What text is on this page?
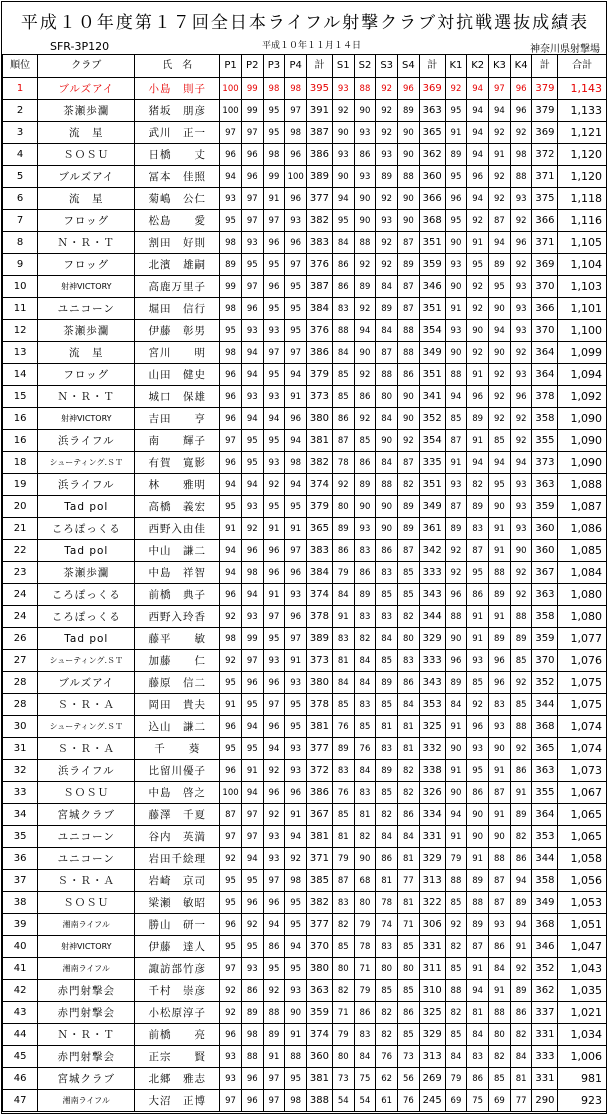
平成１０年度第１７回全日本ライフル射撃クラブ対抗戦選抜成績表
SFR-3P120	平成１０年１１月１４日	神奈川県射撃場
順位	クラブ	氏　名	P1	P2	P3	P4	計	S1	S2	S3	S4	計	K1	K2	K3	K4	計	合計
1	ブルズアイ	小島　則子	100	99	98	98	395	93	88	92	96	369	92	94	97	96	379	1,143
2	茶瀬歩瀾	猪坂　朋彦	100	99	95	97	391	92	90	92	89	363	95	94	94	96	379	1,133
3	流　星	武川　正一	97	97	95	98	387	90	93	92	90	365	91	94	92	92	369	1,121
4	ＳＯＳＵ	日橋　　丈	96	96	98	96	386	93	86	93	90	362	89	94	91	98	372	1,120
5	ブルズアイ	冨本　佳照	94	96	99	100	389	90	93	89	88	360	95	96	92	88	371	1,120
6	流　星	菊嶋　公仁	93	97	91	96	377	94	90	92	90	366	96	94	92	93	375	1,118
7	フロッグ	松島　　愛	95	97	97	93	382	95	90	93	90	368	95	92	87	92	366	1,116
8	Ｎ・Ｒ・Ｔ	割田　好則	98	93	96	96	383	84	88	92	87	351	90	91	94	96	371	1,105
9	フロッグ	北濱　雄嗣	89	95	95	97	376	86	92	92	89	359	93	95	89	92	369	1,104
10	射神VICTORY	高鹿万里子	99	97	96	95	387	86	89	84	87	346	90	92	95	93	370	1,103
11	ユニコーン	堀田　信行	98	96	95	95	384	83	92	89	87	351	91	92	90	93	366	1,101
12	茶瀬歩瀾	伊藤　彰男	95	93	93	95	376	88	94	84	88	354	93	90	94	93	370	1,100
13	流　星	宮川　　明	98	94	97	97	386	84	90	87	88	349	90	92	90	92	364	1,099
14	フロッグ	山田　健史	96	94	95	94	379	85	92	88	86	351	88	91	92	93	364	1,094
15	Ｎ・Ｒ・Ｔ	城口　保雄	96	93	93	91	373	85	86	80	90	341	94	96	92	96	378	1,092
16	射神VICTORY	吉田　　亨	96	94	94	96	380	86	92	84	90	352	85	89	92	92	358	1,090
16	浜ライフル	南　　輝子	97	95	95	94	381	87	85	90	92	354	87	91	85	92	355	1,090
18	シューティング.ＳＴ	有賀　寛影	96	95	93	98	382	78	86	84	87	335	91	94	94	94	373	1,090
19	浜ライフル	林　　雅明	94	94	92	94	374	92	89	88	82	351	93	82	95	93	363	1,088
20	Tad pol	高橋　義宏	95	93	95	95	379	80	90	90	89	349	87	89	90	93	359	1,087
21	ころぽっくる	西野入由佳	91	92	91	91	365	89	93	90	89	361	89	83	91	93	360	1,086
22	Tad pol	中山　謙二	94	96	96	97	383	86	83	86	87	342	92	87	91	90	360	1,085
23	茶瀬歩瀾	中島　祥智	94	98	96	96	384	79	86	83	85	333	92	95	88	92	367	1,084
24	ころぽっくる	前橋　典子	96	94	91	93	374	84	89	85	85	343	96	86	89	92	363	1,080
24	ころぽっくる	西野入玲香	92	93	97	96	378	91	83	83	82	344	88	91	91	88	358	1,080
26	Tad pol	藤平　　敏	98	99	95	97	389	83	82	84	80	329	90	91	89	89	359	1,077
27	シューティング.ＳＴ	加藤　　仁	92	97	93	91	373	81	84	85	83	333	96	93	96	85	370	1,076
28	ブルズアイ	藤原　信二	95	96	96	93	380	84	84	89	86	343	89	85	96	92	352	1,075
28	Ｓ・Ｒ・Ａ	岡田　貴夫	91	95	97	95	378	85	83	85	84	353	84	92	83	85	344	1,075
30	シューティング.ＳＴ	込山　謙二	96	94	96	95	381	76	85	81	81	325	91	96	93	88	368	1,074
31	Ｓ・Ｒ・Ａ	千　　葵	95	95	94	93	377	89	76	83	81	332	90	93	90	92	365	1,074
32	浜ライフル	比留川優子	96	91	92	93	372	83	84	89	82	338	91	95	91	86	363	1,073
33	ＳＯＳＵ	中島　啓之	100	94	96	96	386	76	83	85	82	326	90	86	87	91	355	1,067
34	宮城クラブ	藤澤　千夏	87	97	92	91	367	85	81	82	86	334	94	90	91	89	364	1,065
35	ユニコーン	谷内　英満	97	97	93	94	381	81	82	84	84	331	91	90	90	82	353	1,065
36	ユニコーン	岩田千絵理	92	94	93	92	371	79	90	86	81	329	79	91	88	86	344	1,058
37	Ｓ・Ｒ・Ａ	岩崎　京司	95	95	97	98	385	87	68	81	77	313	88	89	87	94	358	1,056
38	ＳＯＳＵ	梁瀬　敏昭	95	96	96	95	382	83	80	78	81	322	85	88	87	89	349	1,053
39	湘南ライフル	勝山　研一	96	92	94	95	377	82	79	74	71	306	92	89	93	94	368	1,051
40	射神VICTORY	伊藤　達人	95	95	86	94	370	85	78	83	85	331	82	87	86	91	346	1,047
41	湘南ライフル	諏訪部竹彦	97	93	95	95	380	80	71	80	80	311	85	91	84	92	352	1,043
42	赤門射撃会	千村　崇彦	92	86	92	93	363	82	79	85	85	310	88	94	91	89	362	1,035
43	赤門射撃会	小松原淳子	92	89	88	90	359	71	86	82	86	325	82	81	88	86	337	1,021
44	Ｎ・Ｒ・Ｔ	前橋　　亮	96	98	89	91	374	79	83	82	85	329	85	84	80	82	331	1,034
45	赤門射撃会	正宗　　賢	93	88	91	88	360	80	84	76	73	313	84	83	82	84	333	1,006
46	宮城クラブ	北郷　雅志	93	96	97	95	381	73	75	62	56	269	79	86	85	81	331	981
47	湘南ライフル	大沼　正博	97	96	97	98	388	54	54	61	76	245	69	75	69	77	290	923
